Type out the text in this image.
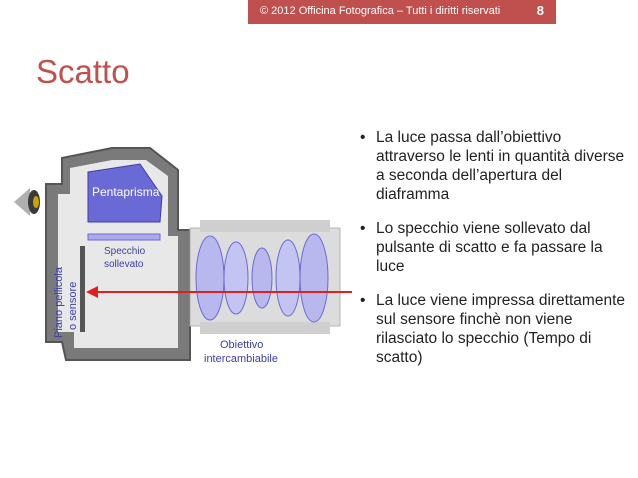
© 2012 Officina Fotografica – Tutti i diritti riservati	8
Scatto
Pentaprisma
Specchio
sollevato
Piano pellicola o sensore
Obiettivo
intercambiabile
• La luce passa dall’obiettivo attraverso le lenti in quantità diverse a seconda dell’apertura del diaframma
• Lo specchio viene sollevato dal pulsante di scatto e fa passare la luce
• La luce viene impressa direttamente sul sensore finchè non viene rilasciato lo specchio (Tempo di scatto)
